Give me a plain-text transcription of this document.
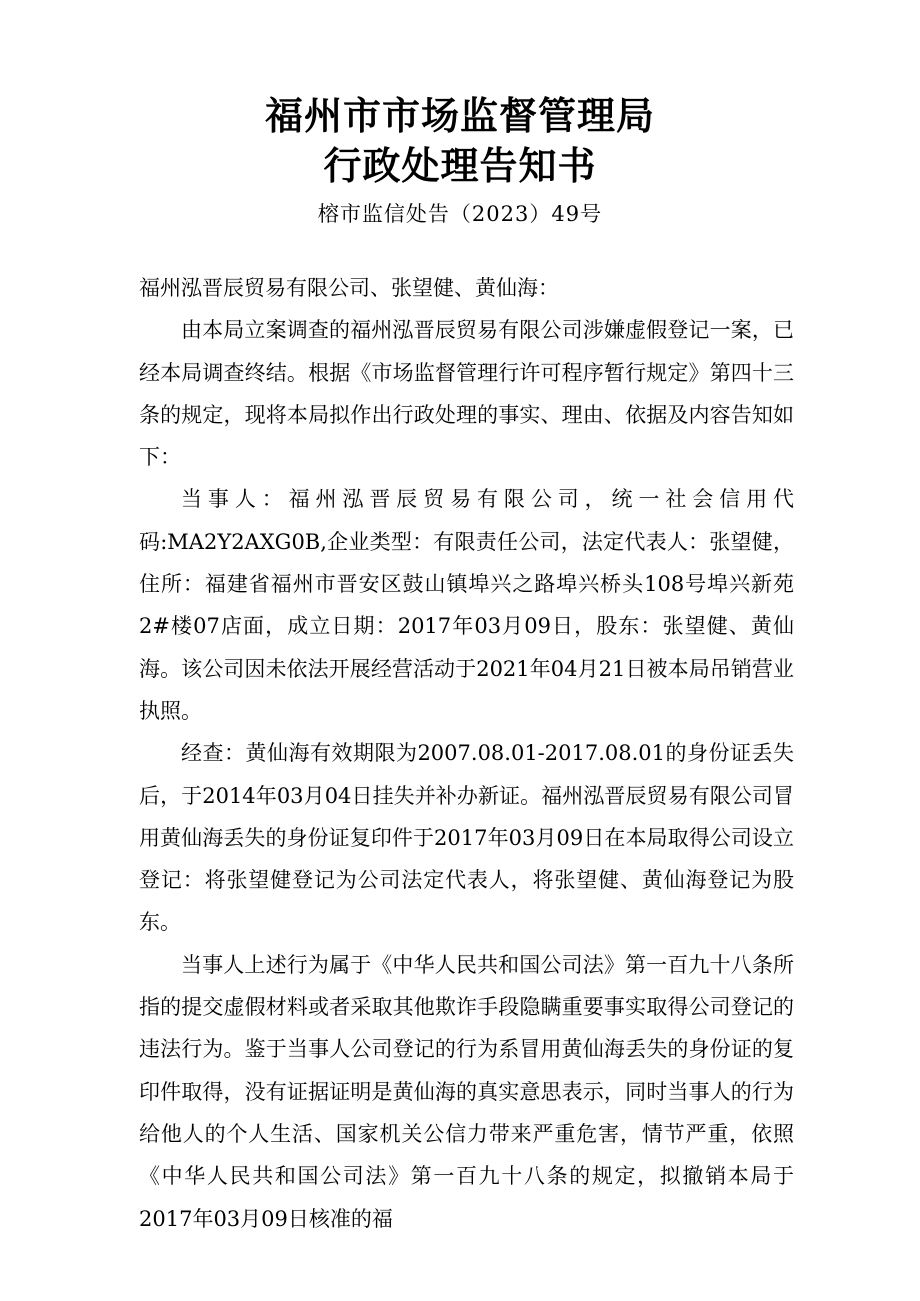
福州市市场监督管理局
行政处理告知书
榕市监信处告（2023）49号

福州泓晋辰贸易有限公司、张望健、黄仙海：

由本局立案调查的福州泓晋辰贸易有限公司涉嫌虚假登记一案，已经本局调查终结。根据《市场监督管理行许可程序暂行规定》第四十三条的规定，现将本局拟作出行政处理的事实、理由、依据及内容告知如下：

当事人：福州泓晋辰贸易有限公司，统一社会信用代码:MA2Y2AXG0B,企业类型：有限责任公司，法定代表人：张望健，住所：福建省福州市晋安区鼓山镇埠兴之路埠兴桥头108号埠兴新苑2#楼07店面，成立日期：2017年03月09日，股东：张望健、黄仙海。该公司因未依法开展经营活动于2021年04月21日被本局吊销营业执照。

经查：黄仙海有效期限为2007.08.01-2017.08.01的身份证丢失后，于2014年03月04日挂失并补办新证。福州泓晋辰贸易有限公司冒用黄仙海丢失的身份证复印件于2017年03月09日在本局取得公司设立登记：将张望健登记为公司法定代表人，将张望健、黄仙海登记为股东。

当事人上述行为属于《中华人民共和国公司法》第一百九十八条所指的提交虚假材料或者采取其他欺诈手段隐瞒重要事实取得公司登记的违法行为。鉴于当事人公司登记的行为系冒用黄仙海丢失的身份证的复印件取得，没有证据证明是黄仙海的真实意思表示，同时当事人的行为给他人的个人生活、国家机关公信力带来严重危害，情节严重，依照《中华人民共和国公司法》第一百九十八条的规定，拟撤销本局于2017年03月09日核准的福
